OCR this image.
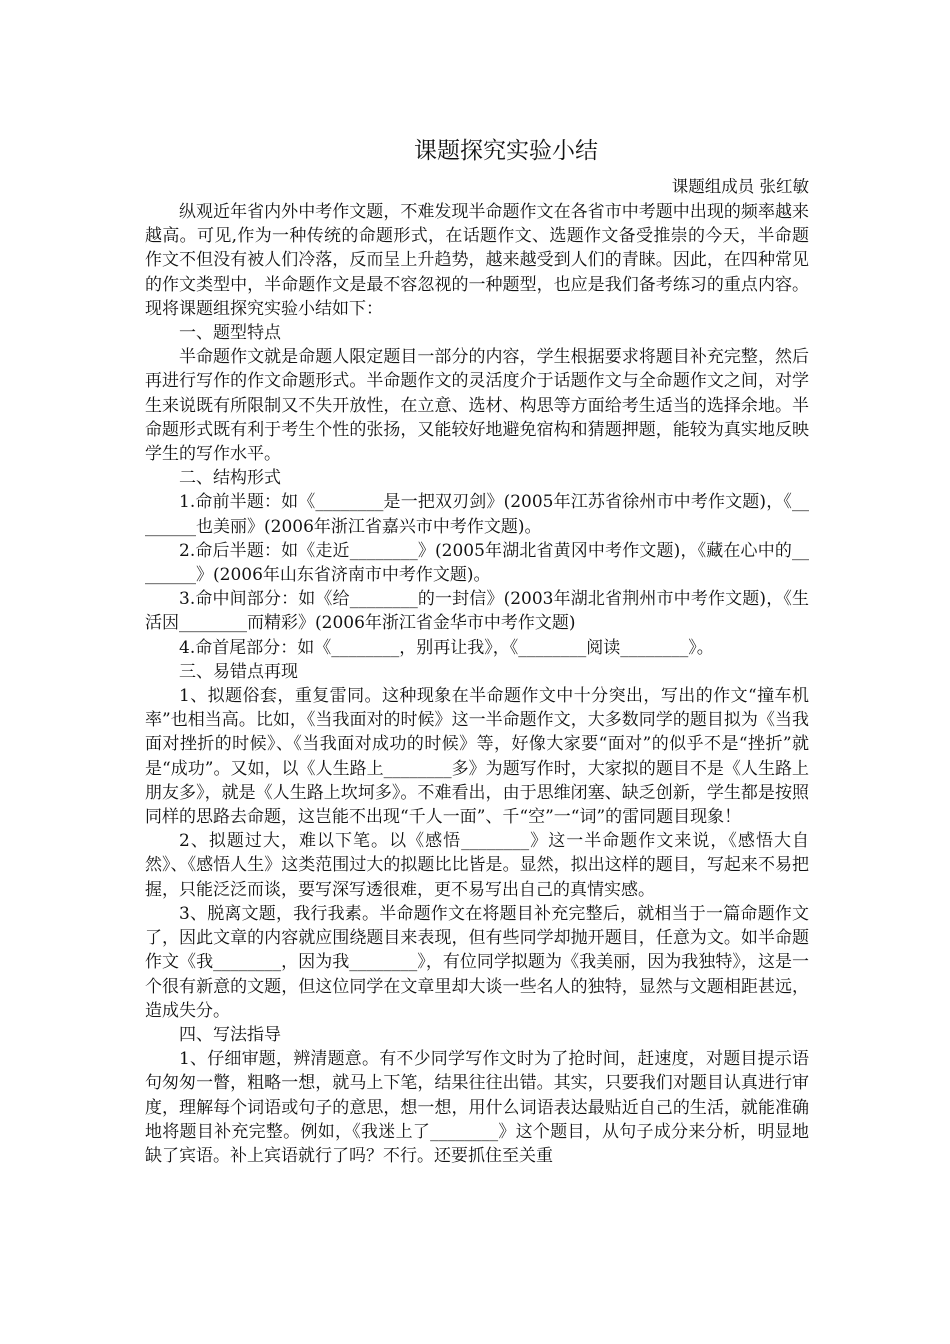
课题探究实验小结
课题组成员 张红敏

纵观近年省内外中考作文题，不难发现半命题作文在各省市中考题中出现的频率越来越高。可见,作为一种传统的命题形式，在话题作文、选题作文备受推崇的今天，半命题作文不但没有被人们冷落，反而呈上升趋势，越来越受到人们的青睐。因此，在四种常见的作文类型中，半命题作文是最不容忽视的一种题型，也应是我们备考练习的重点内容。现将课题组探究实验小结如下：

一、题型特点

半命题作文就是命题人限定题目一部分的内容，学生根据要求将题目补充完整，然后再进行写作的作文命题形式。半命题作文的灵活度介于话题作文与全命题作文之间，对学生来说既有所限制又不失开放性，在立意、选材、构思等方面给考生适当的选择余地。半命题形式既有利于考生个性的张扬，又能较好地避免宿构和猜题押题，能较为真实地反映学生的写作水平。

二、结构形式

1.命前半题：如《________是一把双刃剑》(2005年江苏省徐州市中考作文题)，《________也美丽》(2006年浙江省嘉兴市中考作文题)。

2.命后半题：如《走近________》(2005年湖北省黄冈中考作文题)，《藏在心中的________》(2006年山东省济南市中考作文题)。

3.命中间部分：如《给________的一封信》(2003年湖北省荆州市中考作文题)，《生活因________而精彩》(2006年浙江省金华市中考作文题)

4.命首尾部分：如《________，别再让我》，《________阅读________》。

三、易错点再现

1、拟题俗套，重复雷同。这种现象在半命题作文中十分突出，写出的作文“撞车机率”也相当高。比如，《当我面对的时候》这一半命题作文，大多数同学的题目拟为《当我面对挫折的时候》、《当我面对成功的时候》等，好像大家要“面对”的似乎不是“挫折”就是“成功”。又如，以《人生路上________多》为题写作时，大家拟的题目不是《人生路上朋友多》，就是《人生路上坎坷多》。不难看出，由于思维闭塞、缺乏创新，学生都是按照同样的思路去命题，这岂能不出现“千人一面”、千“空”一“词”的雷同题目现象！

2、拟题过大，难以下笔。以《感悟________》这一半命题作文来说，《感悟大自然》、《感悟人生》这类范围过大的拟题比比皆是。显然，拟出这样的题目，写起来不易把握，只能泛泛而谈，要写深写透很难，更不易写出自己的真情实感。

3、脱离文题，我行我素。半命题作文在将题目补充完整后，就相当于一篇命题作文了，因此文章的内容就应围绕题目来表现，但有些同学却抛开题目，任意为文。如半命题作文《我________，因为我________》，有位同学拟题为《我美丽，因为我独特》，这是一个很有新意的文题，但这位同学在文章里却大谈一些名人的独特，显然与文题相距甚远，造成失分。

四、写法指导

1、仔细审题，辨清题意。有不少同学写作文时为了抢时间，赶速度，对题目提示语句匆匆一瞥，粗略一想，就马上下笔，结果往往出错。其实，只要我们对题目认真进行审度，理解每个词语或句子的意思，想一想，用什么词语表达最贴近自己的生活，就能准确地将题目补充完整。例如，《我迷上了________》这个题目，从句子成分来分析，明显地缺了宾语。补上宾语就行了吗？不行。还要抓住至关重
